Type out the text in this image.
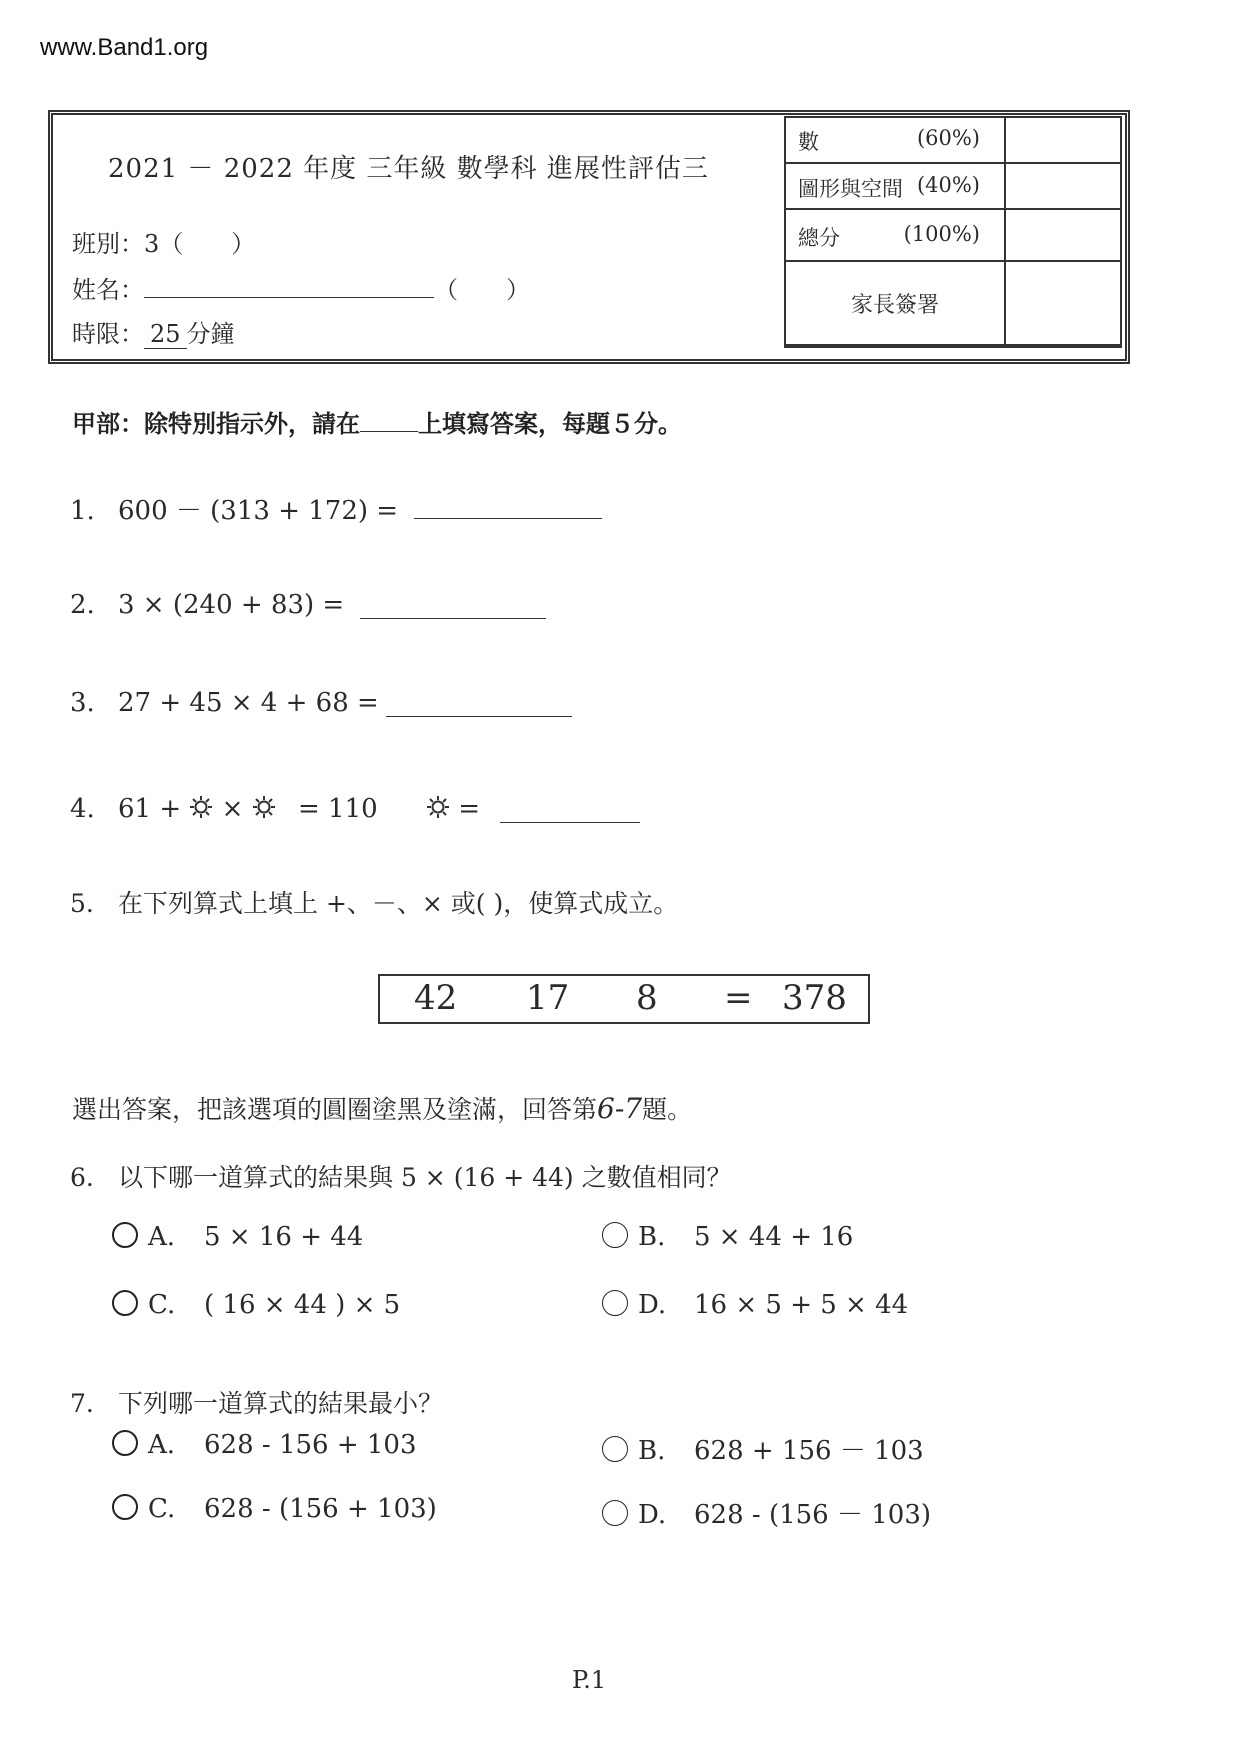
www.Band1.org
2021 － 2022 年度 三年級 數學科 進展性評估三
班別：3（　　）
姓名：	（　　）
時限： 25 分鐘
數	(60%)
圖形與空間 (40%)
總分	(100%)
家長簽署
甲部：除特別指示外，請在 上填寫答案，每題５分。
1. 600 － (313 + 172) =
2. 3 × (240 + 83) =
3. 27 + 45 × 4 + 68 =
4. 61 + × = 110	=
5. 在下列算式上填上 +、－、× 或( )，使算式成立。
42 17 8 = 378
選出答案，把該選項的圓圈塗黑及塗滿，回答第6-7題。
6. 以下哪一道算式的結果與 5 × (16 + 44) 之數值相同？
A. 5 × 16 + 44	B. 5 × 44 + 16
C. ( 16 × 44 ) × 5	D. 16 × 5 + 5 × 44
7. 下列哪一道算式的結果最小？
A. 628 - 156 + 103	B. 628 + 156 － 103
C. 628 - (156 + 103)	D. 628 - (156 － 103)
P.1
